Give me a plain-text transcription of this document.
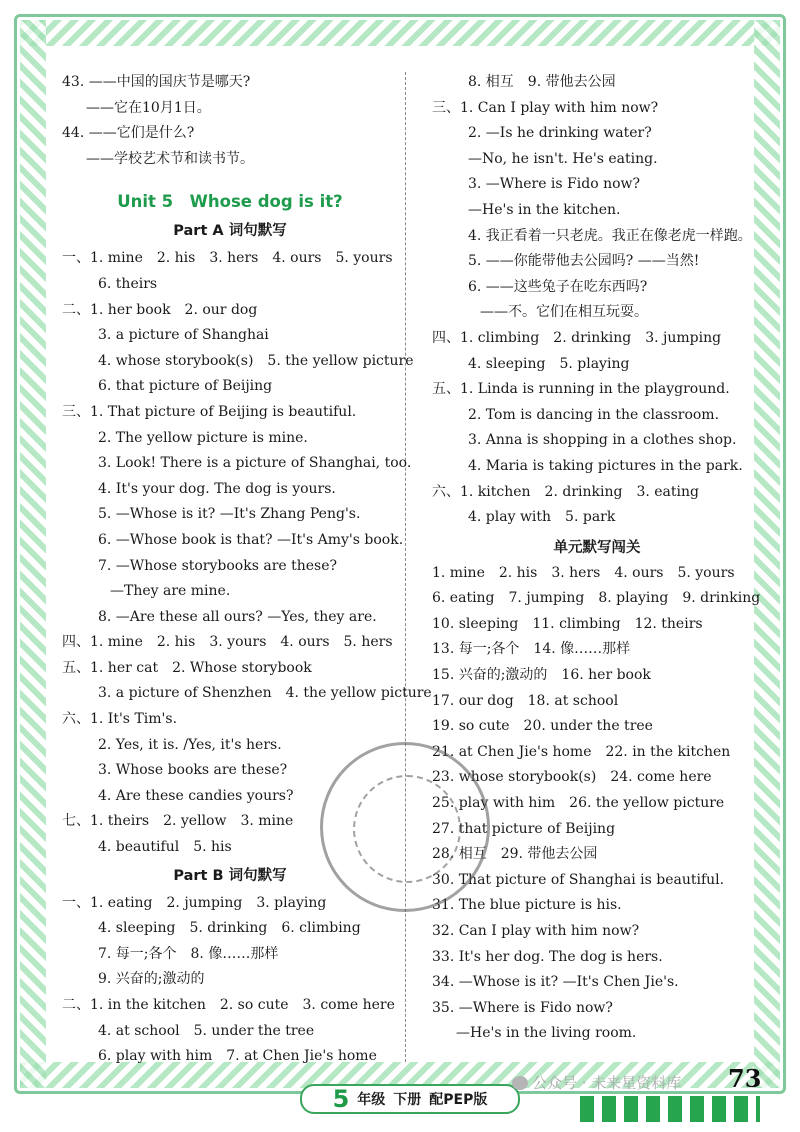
43. ——中国的国庆节是哪天?
——它在10月1日。
44. ——它们是什么?
——学校艺术节和读书节。
Unit 5　Whose dog is it?
Part A 词句默写
一、1. mine　2. his　3. hers　4. ours　5. yours
6. theirs
二、1. her book　2. our dog
3. a picture of Shanghai
4. whose storybook(s)　5. the yellow picture
6. that picture of Beijing
三、1. That picture of Beijing is beautiful.
2. The yellow picture is mine.
3. Look! There is a picture of Shanghai, too.
4. It's your dog. The dog is yours.
5. —Whose is it? —It's Zhang Peng's.
6. —Whose book is that? —It's Amy's book.
7. —Whose storybooks are these?
—They are mine.
8. —Are these all ours? —Yes, they are.
四、1. mine　2. his　3. yours　4. ours　5. hers
五、1. her cat　2. Whose storybook
3. a picture of Shenzhen　4. the yellow picture
六、1. It's Tim's.
2. Yes, it is. /Yes, it's hers.
3. Whose books are these?
4. Are these candies yours?
七、1. theirs　2. yellow　3. mine
4. beautiful　5. his
Part B 词句默写
一、1. eating　2. jumping　3. playing
4. sleeping　5. drinking　6. climbing
7. 每一;各个　8. 像……那样
9. 兴奋的;激动的
二、1. in the kitchen　2. so cute　3. come here
4. at school　5. under the tree
6. play with him　7. at Chen Jie's home
8. 相互　9. 带他去公园
三、1. Can I play with him now?
2. —Is he drinking water?
—No, he isn't. He's eating.
3. —Where is Fido now?
—He's in the kitchen.
4. 我正看着一只老虎。我正在像老虎一样跑。
5. ——你能带他去公园吗? ——当然!
6. ——这些兔子在吃东西吗?
——不。它们在相互玩耍。
四、1. climbing　2. drinking　3. jumping
4. sleeping　5. playing
五、1. Linda is running in the playground.
2. Tom is dancing in the classroom.
3. Anna is shopping in a clothes shop.
4. Maria is taking pictures in the park.
六、1. kitchen　2. drinking　3. eating
4. play with　5. park
单元默写闯关
1. mine　2. his　3. hers　4. ours　5. yours
6. eating　7. jumping　8. playing　9. drinking
10. sleeping　11. climbing　12. theirs
13. 每一;各个　14. 像……那样
15. 兴奋的;激动的　16. her book
17. our dog　18. at school
19. so cute　20. under the tree
21. at Chen Jie's home　22. in the kitchen
23. whose storybook(s)　24. come here
25. play with him　26. the yellow picture
27. that picture of Beijing
28. 相互　29. 带他去公园
30. That picture of Shanghai is beautiful.
31. The blue picture is his.
32. Can I play with him now?
33. It's her dog. The dog is hers.
34. —Whose is it? —It's Chen Jie's.
35. —Where is Fido now?
—He's in the living room.
5 年级 下册 配PEP版
公众号 · 未来星资料库 73
